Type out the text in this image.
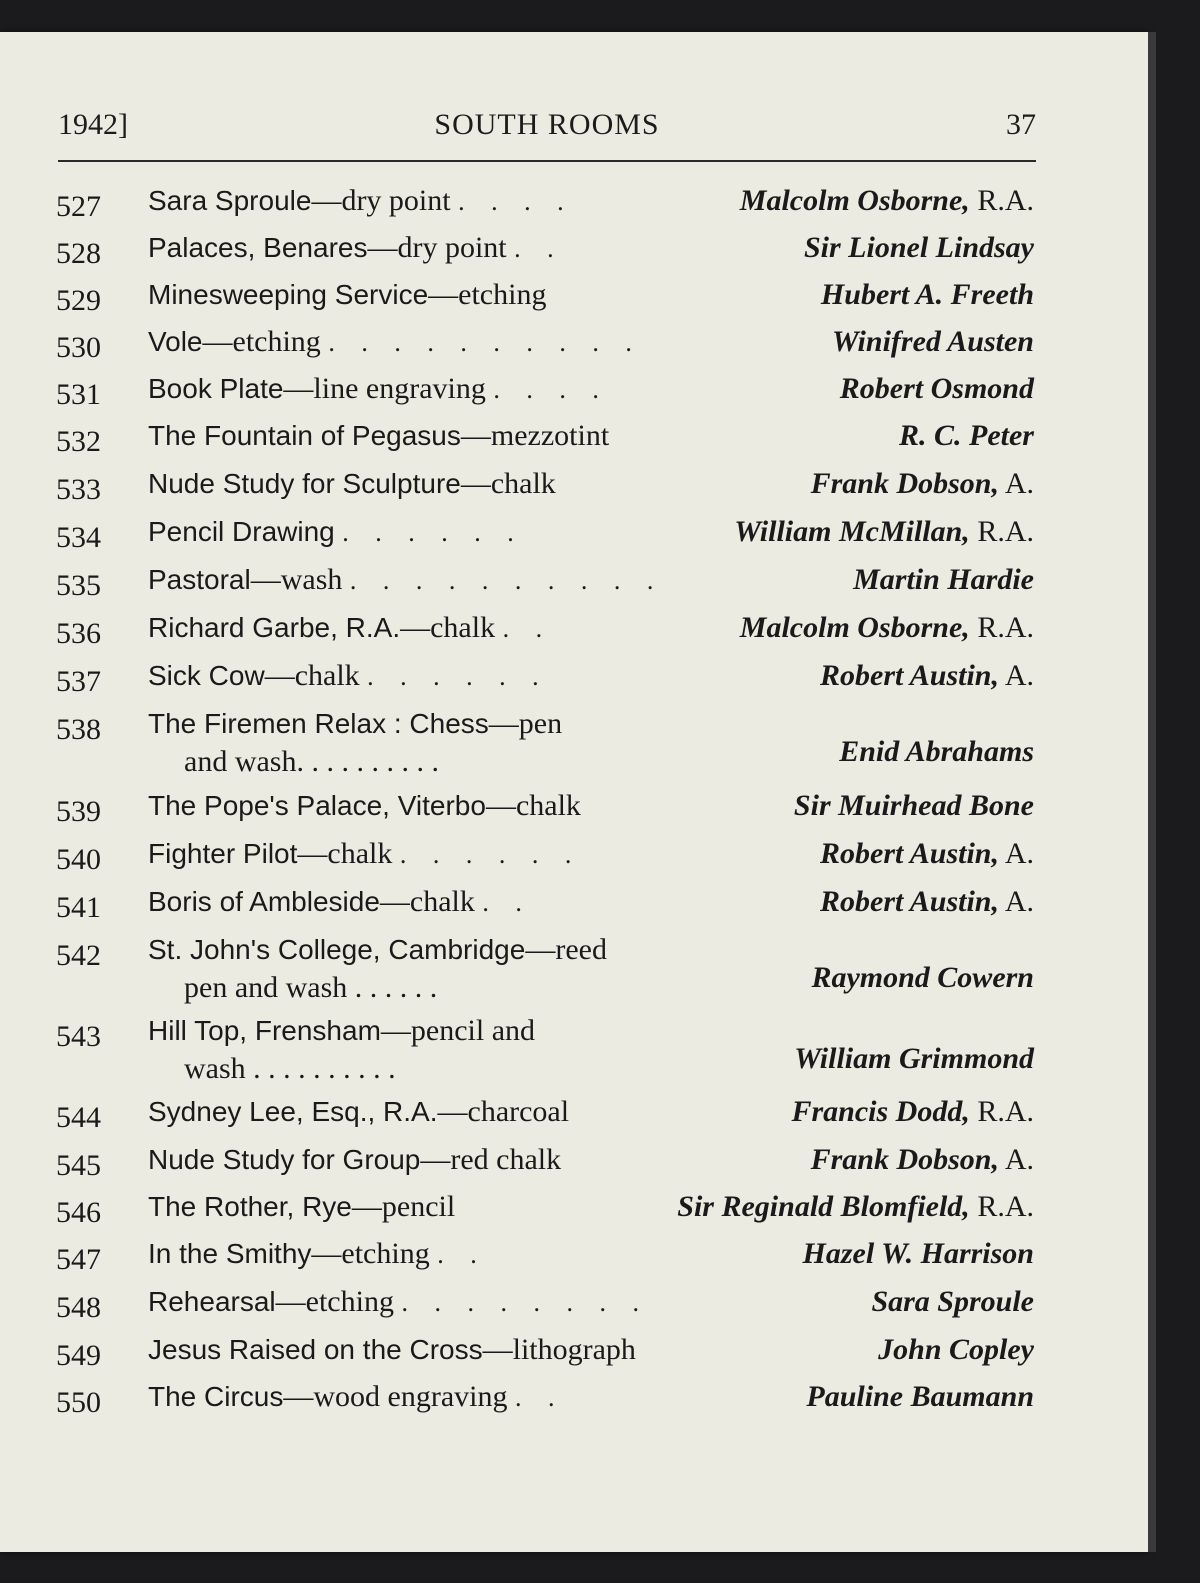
1942]	SOUTH ROOMS	37
527	Sara Sproule—dry point . . . .	Malcolm Osborne, R.A.
528	Palaces, Benares—dry point . .	Sir Lionel Lindsay
529	Minesweeping Service—etching	Hubert A. Freeth
530	Vole—etching . . . . . . . . . .	Winifred Austen
531	Book Plate—line engraving . . . .	Robert Osmond
532	The Fountain of Pegasus—mezzotint	R. C. Peter
533	Nude Study for Sculpture—chalk	Frank Dobson, A.
534	Pencil Drawing . . . . . .	William McMillan, R.A.
535	Pastoral—wash . . . . . . . . . .	Martin Hardie
536	Richard Garbe, R.A.—chalk . .	Malcolm Osborne, R.A.
537	Sick Cow—chalk . . . . . .	Robert Austin, A.
538	The Firemen Relax : Chess—pen
and wash. . . . . . . . . .	Enid Abrahams
539	The Pope's Palace, Viterbo—chalk	Sir Muirhead Bone
540	Fighter Pilot—chalk . . . . . .	Robert Austin, A.
541	Boris of Ambleside—chalk . .	Robert Austin, A.
542	St. John's College, Cambridge—reed
pen and wash . . . . . .	Raymond Cowern
543	Hill Top, Frensham—pencil and
wash . . . . . . . . . .	William Grimmond
544	Sydney Lee, Esq., R.A.—charcoal	Francis Dodd, R.A.
545	Nude Study for Group—red chalk	Frank Dobson, A.
546	The Rother, Rye—pencil	Sir Reginald Blomfield, R.A.
547	In the Smithy—etching . .	Hazel W. Harrison
548	Rehearsal—etching . . . . . . . .	Sara Sproule
549	Jesus Raised on the Cross—lithograph	John Copley
550	The Circus—wood engraving . .	Pauline Baumann
